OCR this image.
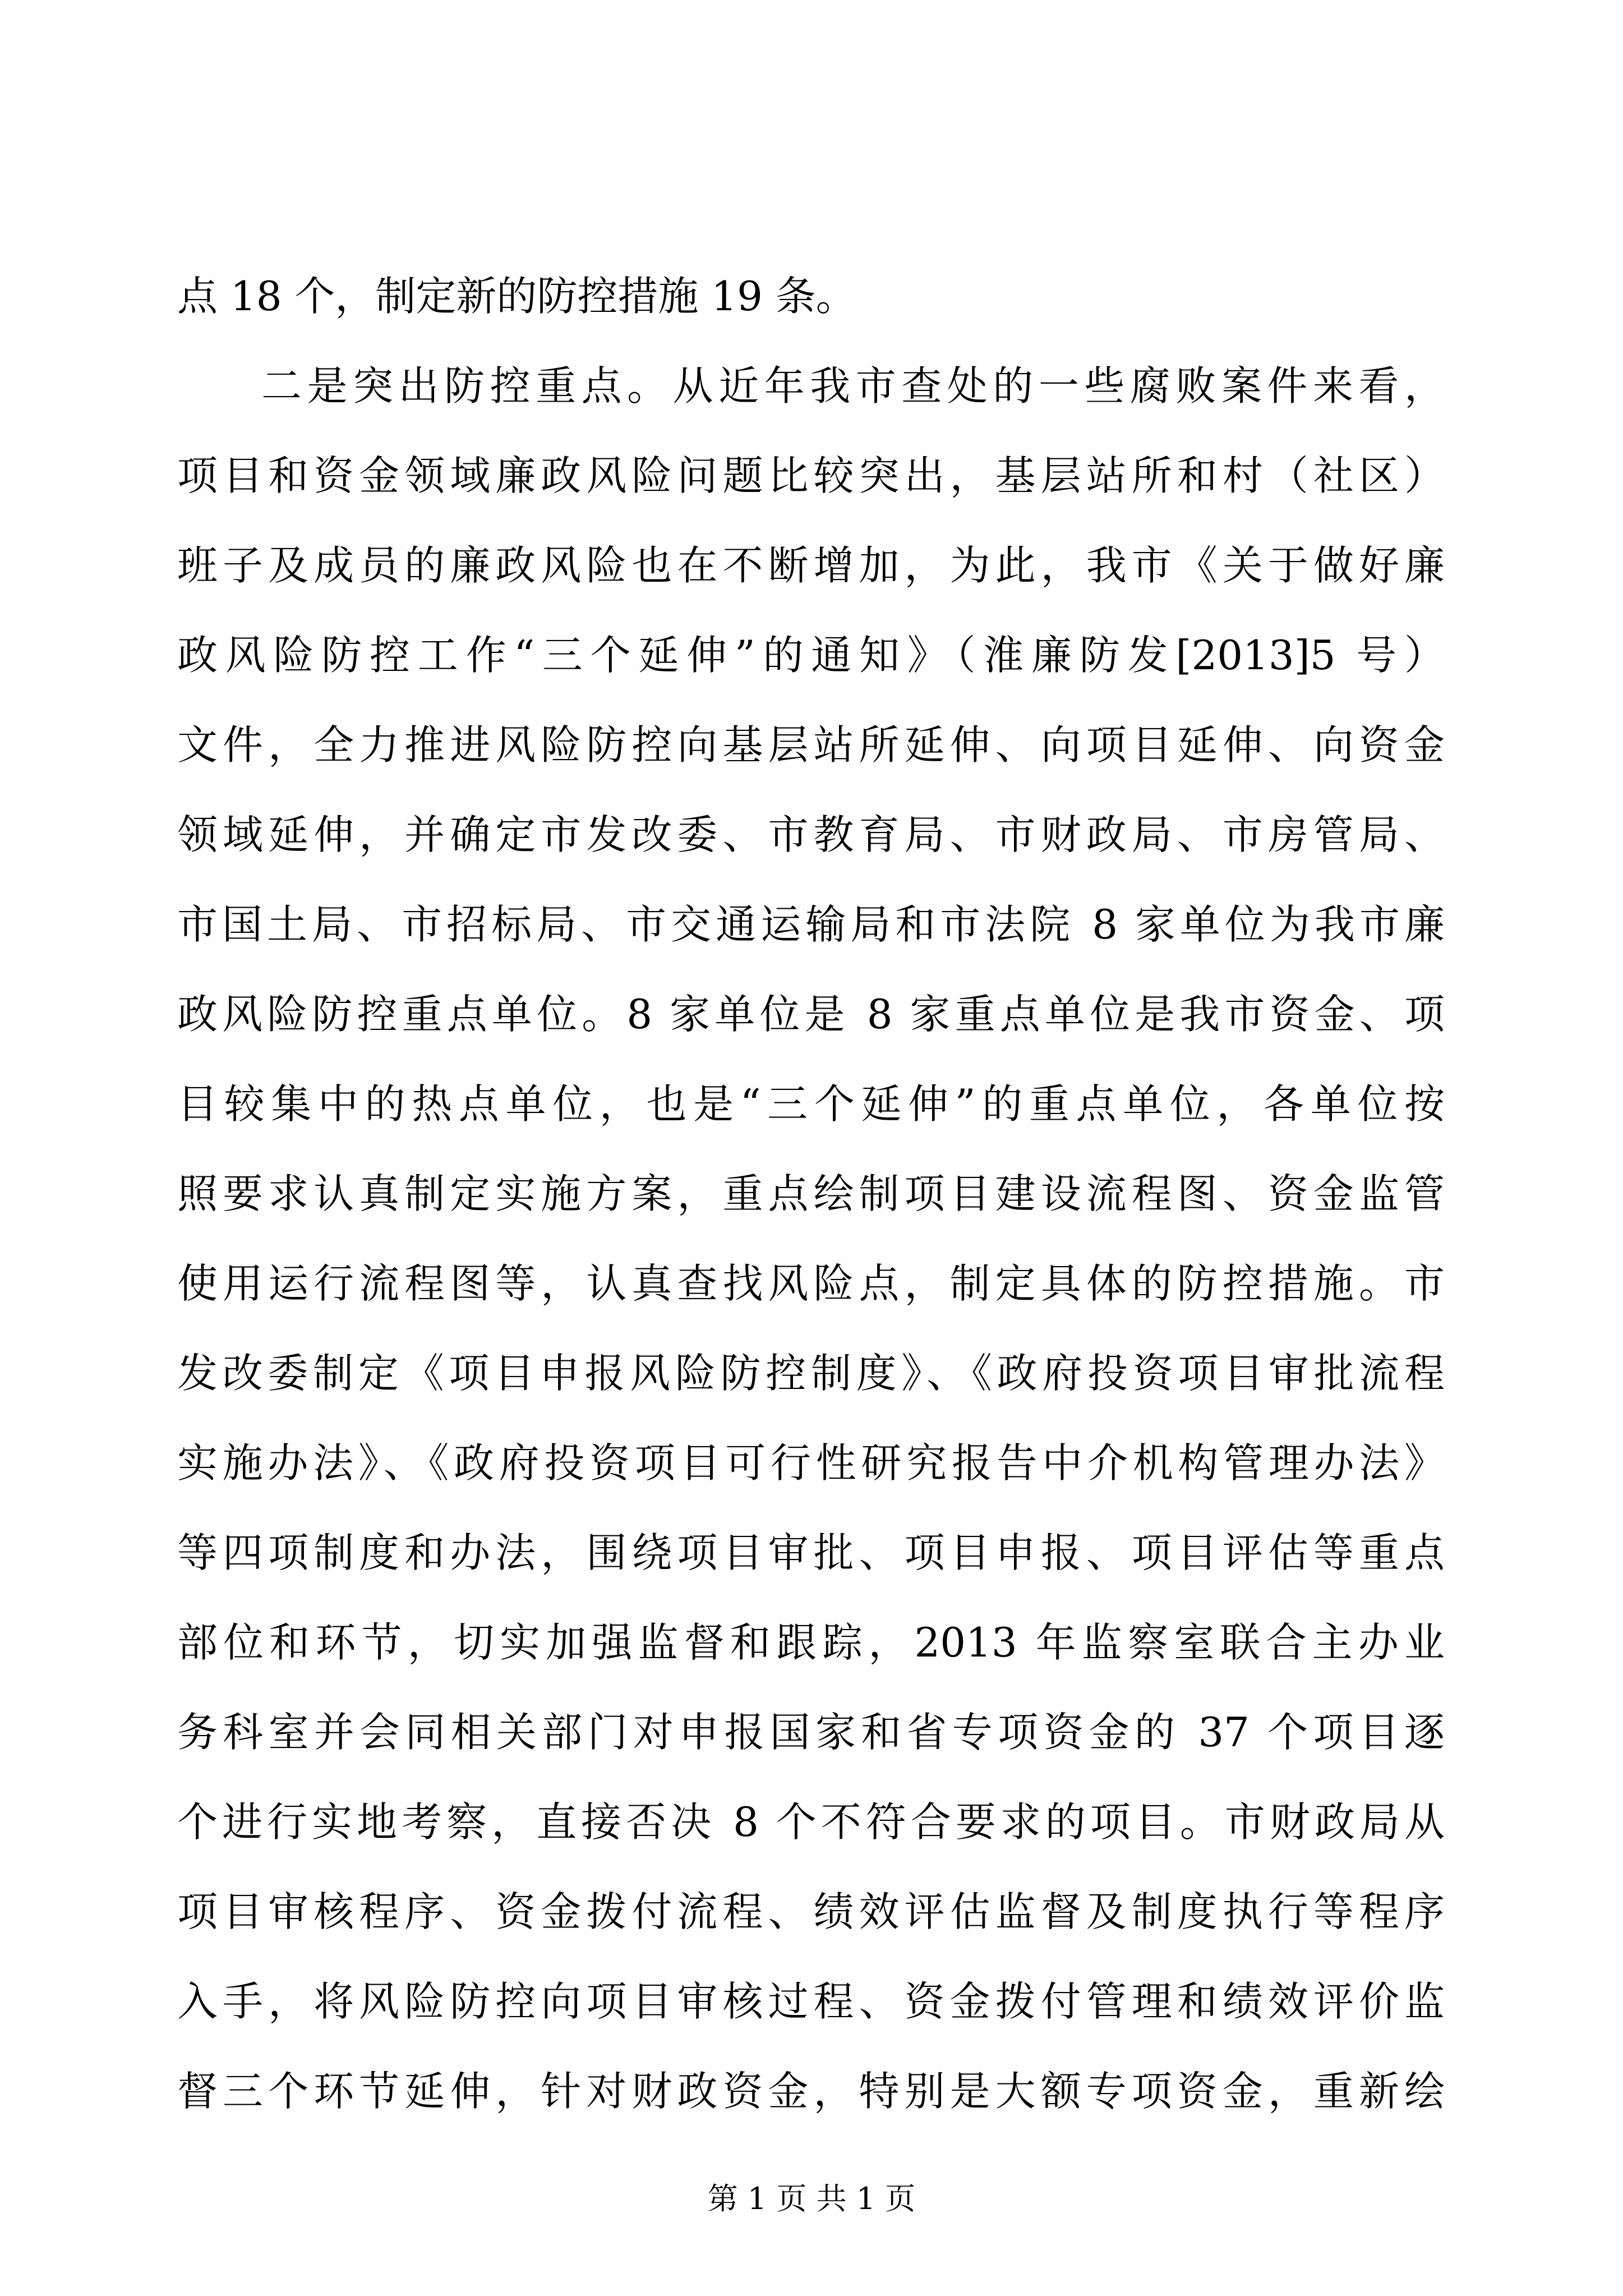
点 18 个，制定新的防控措施 19 条。
二是突出防控重点。从近年我市查处的一些腐败案件来看，
项目和资金领域廉政风险问题比较突出，基层站所和村（社区）
班子及成员的廉政风险也在不断增加，为此，我市《关于做好廉
政风险防控工作“三个延伸”的通知》（淮廉防发[2013]5 号）
文件，全力推进风险防控向基层站所延伸、向项目延伸、向资金
领域延伸，并确定市发改委、市教育局、市财政局、市房管局、
市国土局、市招标局、市交通运输局和市法院 8 家单位为我市廉
政风险防控重点单位。8 家单位是 8 家重点单位是我市资金、项
目较集中的热点单位，也是“三个延伸”的重点单位，各单位按
照要求认真制定实施方案，重点绘制项目建设流程图、资金监管
使用运行流程图等，认真查找风险点，制定具体的防控措施。市
发改委制定《项目申报风险防控制度》、《政府投资项目审批流程
实施办法》、《政府投资项目可行性研究报告中介机构管理办法》
等四项制度和办法，围绕项目审批、项目申报、项目评估等重点
部位和环节，切实加强监督和跟踪，2013 年监察室联合主办业
务科室并会同相关部门对申报国家和省专项资金的 37 个项目逐
个进行实地考察，直接否决 8 个不符合要求的项目。市财政局从
项目审核程序、资金拨付流程、绩效评估监督及制度执行等程序
入手，将风险防控向项目审核过程、资金拨付管理和绩效评价监
督三个环节延伸，针对财政资金，特别是大额专项资金，重新绘
第 1 页 共 1 页
